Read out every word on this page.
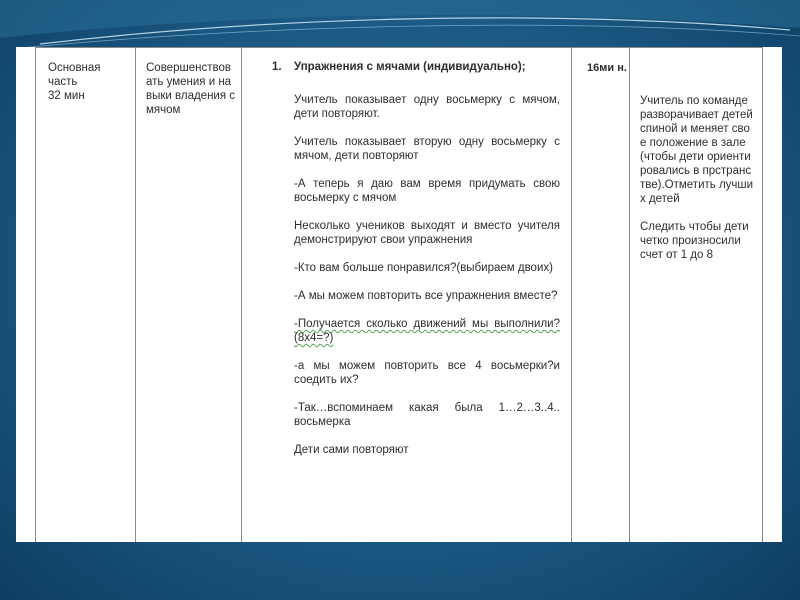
Основная часть
32 мин
Совершенствовать умения и навыки владения с мячом
1. Упражнения с мячами (индивидуально);
Учитель показывает одну восьмерку с мячом, дети повторяют.
Учитель показывает вторую одну восьмерку с мячом, дети повторяют
-А теперь я даю вам время придумать свою восьмерку с мячом
Несколько учеников выходят и вместо учителя демонстрируют свои упражнения
-Кто вам больше понравился?(выбираем двоих)
-А мы можем повторить все упражнения вместе?
-Получается сколько движений мы выполнили?(8х4=?)
-а мы можем повторить все 4 восьмерки?и соедить их?
-Так…вспоминаем какая была 1…2…3..4.. восьмерка
Дети сами повторяют
16ми н.
Учитель по команде разворачивает детей спиной и меняет свое положение в зале(чтобы дети ориентировались в прстранстве).Отметить лучших детей
Следить чтобы дети четко произносили счет от 1 до 8
